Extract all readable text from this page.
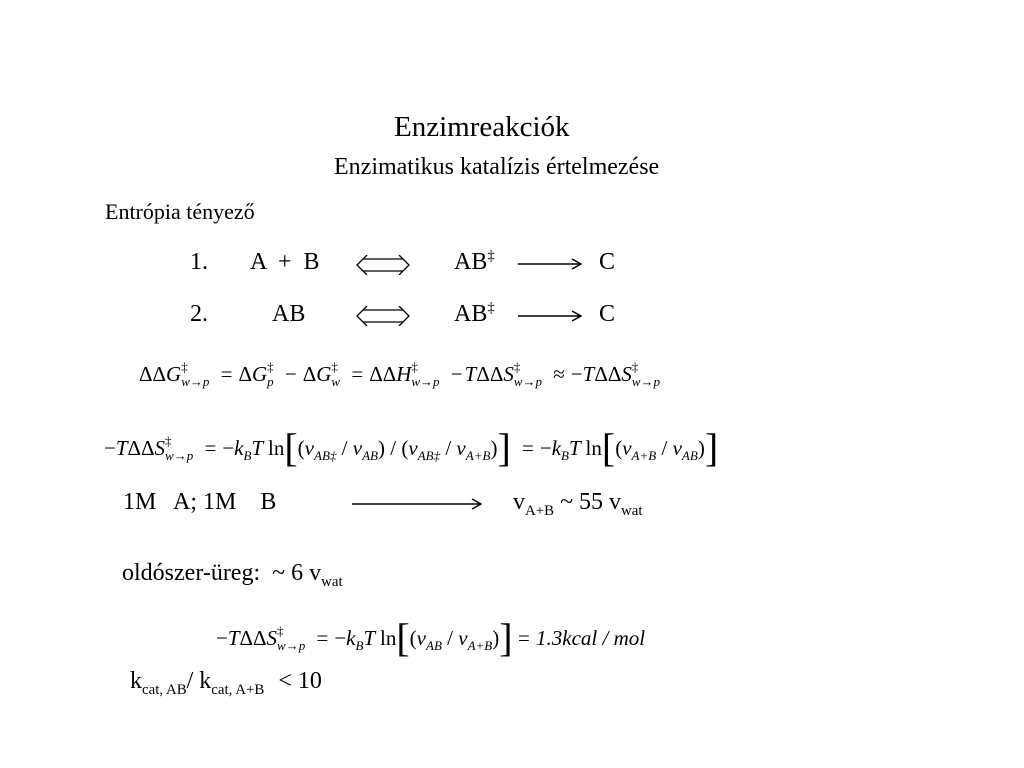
Enzimreakciók
Enzimatikus katalízis értelmezése
Entrópia tényező
1. A  +  B	AB‡ → C
2.	AB	AB‡ → C
ΔΔG ‡
w→p = ΔG ‡
p − ΔG ‡
w = ΔΔH ‡
w→p −TΔΔS ‡
w→p ≈ −TΔΔS ‡
w→p
−TΔΔS ‡
$w\to p = -k_BT$ $\ln[(v_{AB\ddagger} / v_{AB}) / (v_{AB\ddagger} / v_{A+B})] = -k_BT$ $\ln[(v_{A+B} / v_{AB})]$
1M   A; 1M    B	$v_{A+B}$ ~ 55 $v_{wat}$
oldószer-üreg:  ~ 6 $v_{wat}$
−TΔΔS ‡
$w\to p = -k_BT$ $\ln[(v_{AB} / v_{A+B})]$ = 1.3kcal / mol
$k_{cat, AB}/$ $k_{cat, A+B} < 10$
